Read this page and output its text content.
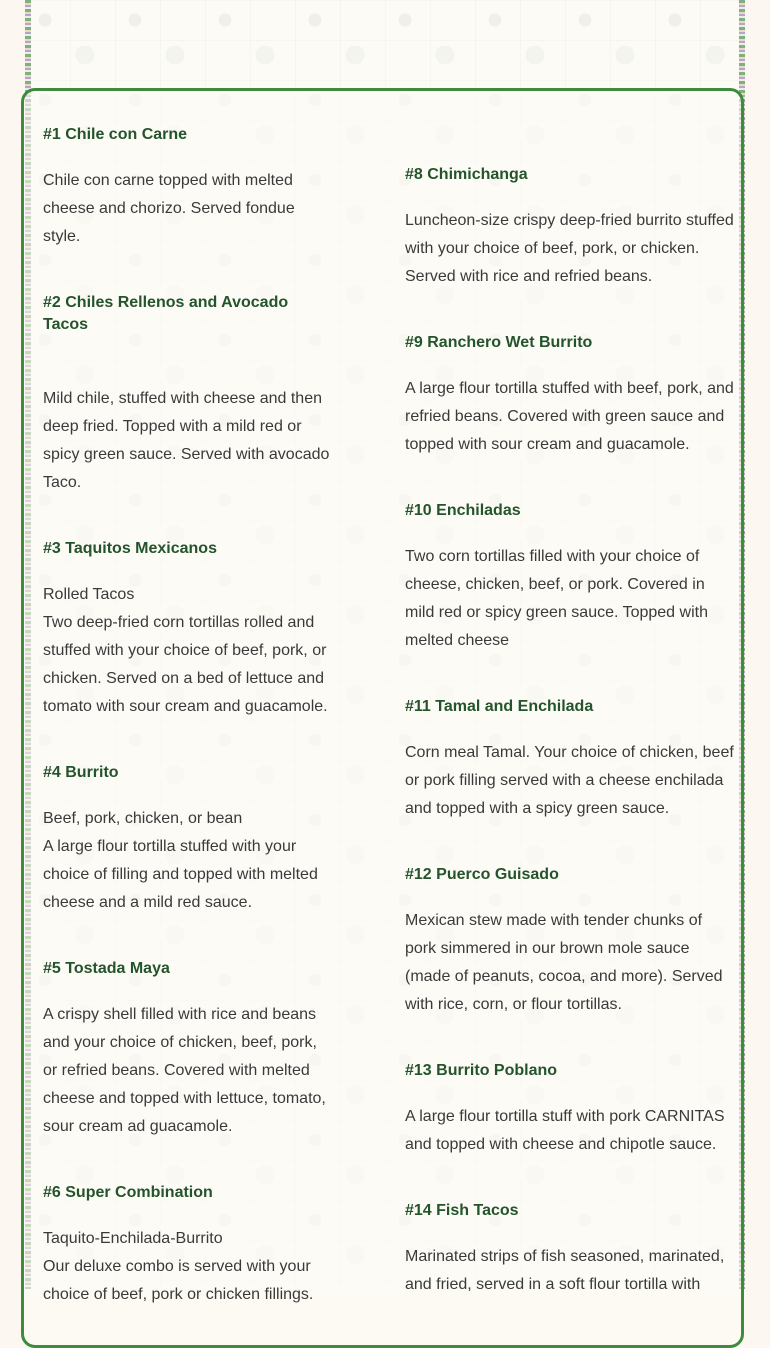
#1 Chile con Carne

Chile con carne topped with melted cheese and chorizo. Served fondue style.

#2 Chiles Rellenos and Avocado Tacos

Mild chile, stuffed with cheese and then deep fried. Topped with a mild red or spicy green sauce. Served with avocado Taco.

#3 Taquitos Mexicanos
Rolled Tacos

Two deep-fried corn tortillas rolled and stuffed with your choice of beef, pork, or chicken. Served on a bed of lettuce and tomato with sour cream and guacamole.

#4 Burrito
Beef, pork, chicken, or bean

A large flour tortilla stuffed with your choice of filling and topped with melted cheese and a mild red sauce.

#5 Tostada Maya

A crispy shell filled with rice and beans and your choice of chicken, beef, pork, or refried beans. Covered with melted cheese and topped with lettuce, tomato, sour cream ad guacamole.

#6 Super Combination
Taquito-Enchilada-Burrito

Our deluxe combo is served with your choice of beef, pork or chicken fillings.

#8 Chimichanga

Luncheon-size crispy deep-fried burrito stuffed with your choice of beef, pork, or chicken. Served with rice and refried beans.

#9 Ranchero Wet Burrito

A large flour tortilla stuffed with beef, pork, and refried beans. Covered with green sauce and topped with sour cream and guacamole.

#10 Enchiladas

Two corn tortillas filled with your choice of cheese, chicken, beef, or pork. Covered in mild red or spicy green sauce. Topped with melted cheese

#11 Tamal and Enchilada

Corn meal Tamal. Your choice of chicken, beef or pork filling served with a cheese enchilada and topped with a spicy green sauce.

#12 Puerco Guisado

Mexican stew made with tender chunks of pork simmered in our brown mole sauce (made of peanuts, cocoa, and more). Served with rice, corn, or flour tortillas.

#13 Burrito Poblano

A large flour tortilla stuff with pork CARNITAS and topped with cheese and chipotle sauce.

#14 Fish Tacos

Marinated strips of fish seasoned, marinated, and fried, served in a soft flour tortilla with
